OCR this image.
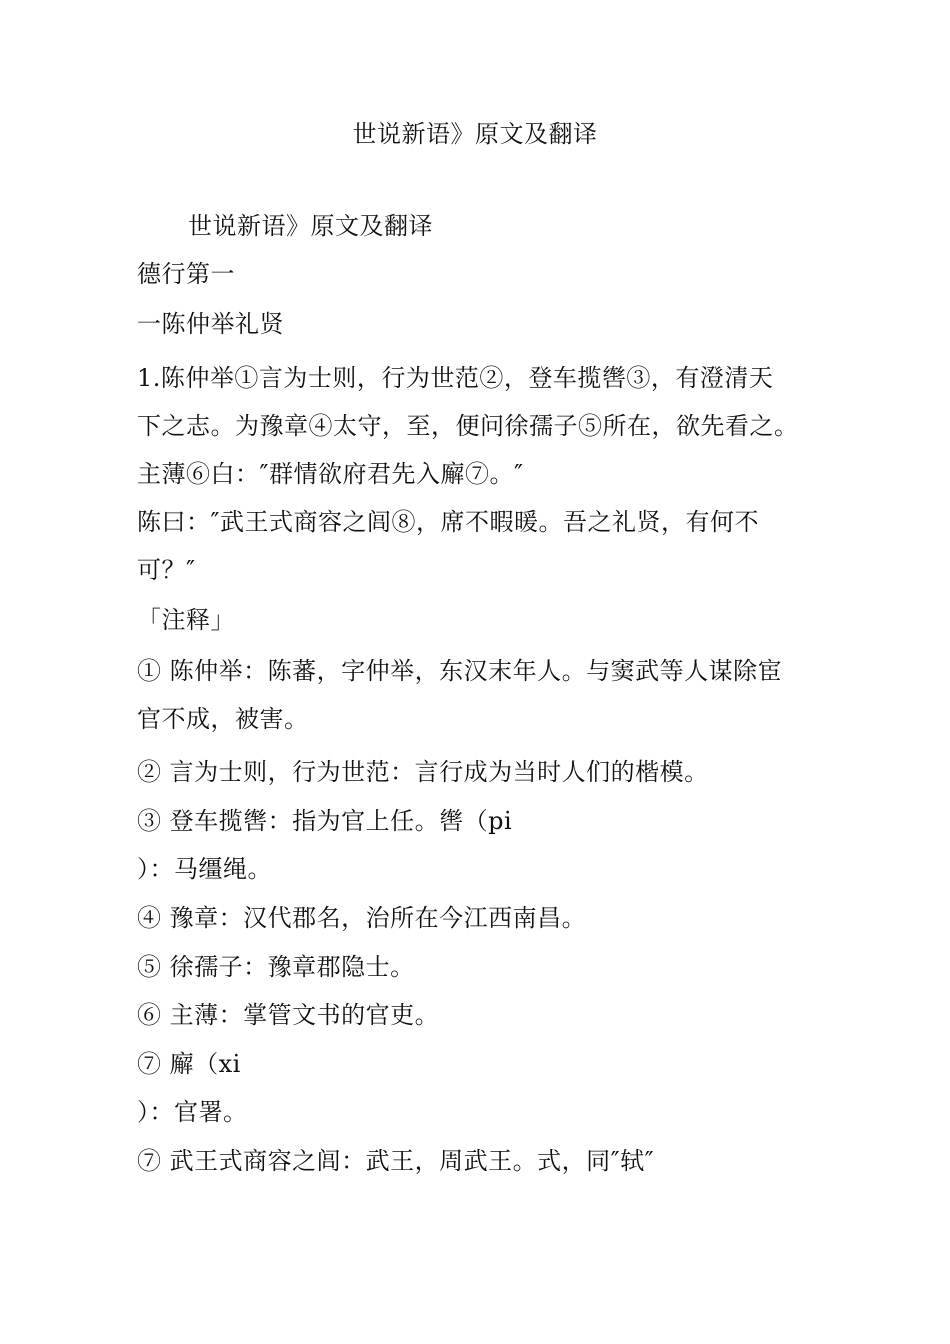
世说新语》原文及翻译
世说新语》原文及翻译
德行第一
一陈仲举礼贤
1.陈仲举①言为士则，行为世范②，登车揽辔③，有澄清天
下之志。为豫章④太守，至，便问徐孺子⑤所在，欲先看之。
主薄⑥白：″群情欲府君先入廨⑦。″
陈曰：″武王式商容之闾⑧，席不暇暖。吾之礼贤，有何不
可？″
「注释」
① 陈仲举：陈蕃，字仲举，东汉末年人。与窦武等人谋除宦
官不成，被害。
② 言为士则，行为世范：言行成为当时人们的楷模。
③ 登车揽辔：指为官上任。辔（pi
）：马缰绳。
④ 豫章：汉代郡名，治所在今江西南昌。
⑤ 徐孺子：豫章郡隐士。
⑥ 主薄：掌管文书的官吏。
⑦ 廨（xi
）：官署。
⑦ 武王式商容之闾：武王，周武王。式，同″轼″
